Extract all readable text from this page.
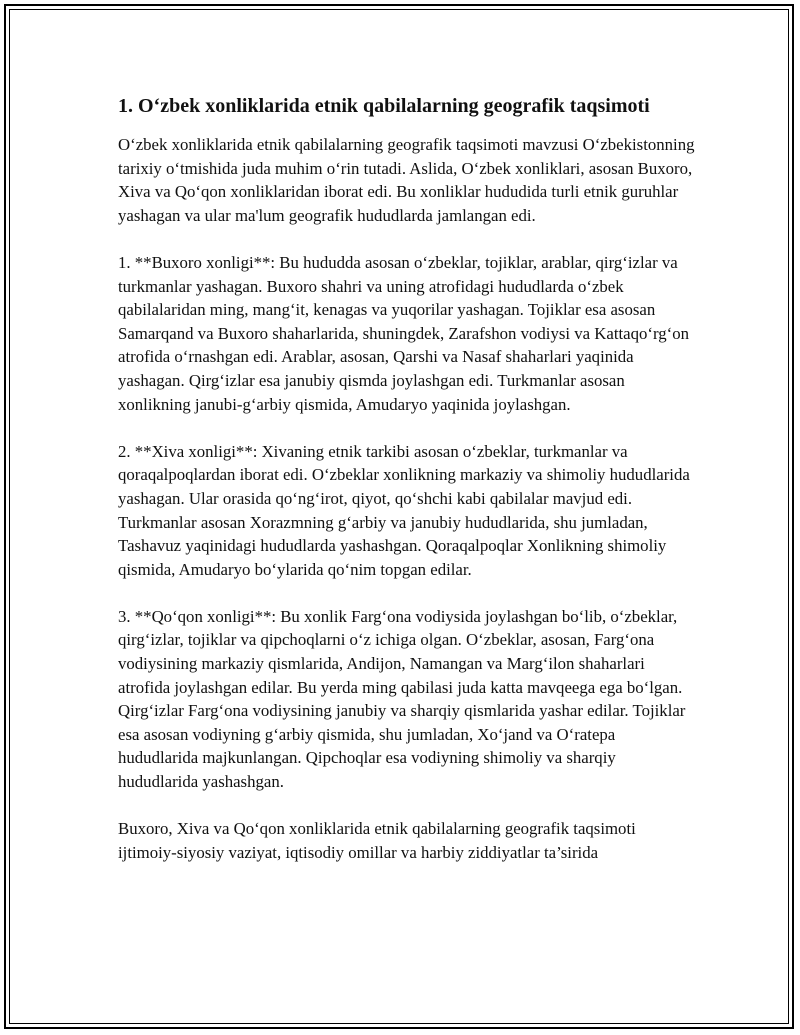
1. O‘zbek xonliklarida etnik qabilalarning geografik taqsimoti

O‘zbek xonliklarida etnik qabilalarning geografik taqsimoti mavzusi O‘zbekistonning tarixiy o‘tmishida juda muhim o‘rin tutadi. Aslida, O‘zbek xonliklari, asosan Buxoro, Xiva va Qo‘qon xonliklaridan iborat edi. Bu xonliklar hududida turli etnik guruhlar yashagan va ular ma'lum geografik hududlarda jamlangan edi.

1. **Buxoro xonligi**: Bu hududda asosan o‘zbeklar, tojiklar, arablar, qirg‘izlar va turkmanlar yashagan. Buxoro shahri va uning atrofidagi hududlarda o‘zbek qabilalaridan ming, mang‘it, kenagas va yuqorilar yashagan. Tojiklar esa asosan Samarqand va Buxoro shaharlarida, shuningdek, Zarafshon vodiysi va Kattaqo‘rg‘on atrofida o‘rnashgan edi. Arablar, asosan, Qarshi va Nasaf shaharlari yaqinida yashagan. Qirg‘izlar esa janubiy qismda joylashgan edi. Turkmanlar asosan xonlikning janubi-g‘arbiy qismida, Amudaryo yaqinida joylashgan.

2. **Xiva xonligi**: Xivaning etnik tarkibi asosan o‘zbeklar, turkmanlar va qoraqalpoqlardan iborat edi. O‘zbeklar xonlikning markaziy va shimoliy hududlarida yashagan. Ular orasida qo‘ng‘irot, qiyot, qo‘shchi kabi qabilalar mavjud edi. Turkmanlar asosan Xorazmning g‘arbiy va janubiy hududlarida, shu jumladan, Tashavuz yaqinidagi hududlarda yashashgan. Qoraqalpoqlar Xonlikning shimoliy qismida, Amudaryo bo‘ylarida qo‘nim topgan edilar.

3. **Qo‘qon xonligi**: Bu xonlik Farg‘ona vodiysida joylashgan bo‘lib, o‘zbeklar, qirg‘izlar, tojiklar va qipchoqlarni o‘z ichiga olgan. O‘zbeklar, asosan, Farg‘ona vodiysining markaziy qismlarida, Andijon, Namangan va Marg‘ilon shaharlari atrofida joylashgan edilar. Bu yerda ming qabilasi juda katta mavqeega ega bo‘lgan. Qirg‘izlar Farg‘ona vodiysining janubiy va sharqiy qismlarida yashar edilar. Tojiklar esa asosan vodiyning g‘arbiy qismida, shu jumladan, Xo‘jand va O‘ratepa hududlarida majkunlangan. Qipchoqlar esa vodiyning shimoliy va sharqiy hududlarida yashashgan.

Buxoro, Xiva va Qo‘qon xonliklarida etnik qabilalarning geografik taqsimoti ijtimoiy-siyosiy vaziyat, iqtisodiy omillar va harbiy ziddiyatlar ta’sirida
